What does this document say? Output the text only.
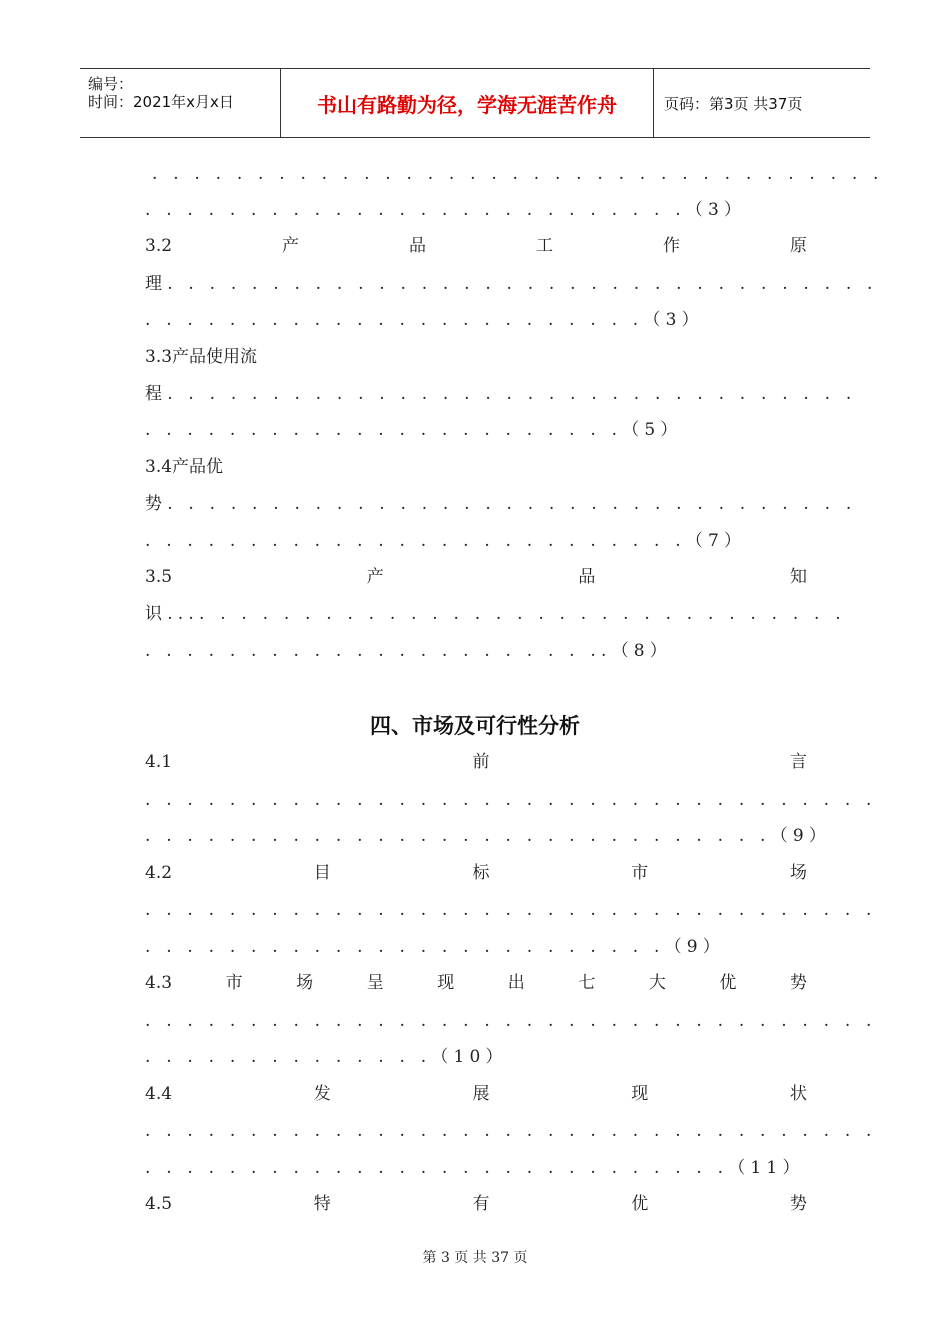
编号：
时间：2021年x月x日	书山有路勤为径，学海无涯苦作舟	页码：第3页 共37页
. . . . . . . . . . . . . . . . . . . . . . . . . . . . . . . . . . .
. . . . . . . . . . . . . . . . . . . . . . . . . .（3）
3.2	产	品	工	作	原
理. . . . . . . . . . . . . . . . . . . . . . . . . . . . . . . . . .
. . . . . . . . . . . . . . . . . . . . . . . .（3）
3.3产品使用流
程. . . . . . . . . . . . . . . . . . . . . . . . . . . . . . . . .
. . . . . . . . . . . . . . . . . . . . . . .（5）
3.4产品优
势. . . . . . . . . . . . . . . . . . . . . . . . . . . . . . . . .
. . . . . . . . . . . . . . . . . . . . . . . . . .（7）
3.5	产	品	知
识.... . . . . . . . . . . . . . . . . . . . . . . . . . . . . . .
. . . . . . . . . . . . . . . . . . . . . ..（8）
四、市场及可行性分析
4.1	前	言
. . . . . . . . . . . . . . . . . . . . . . . . . . . . . . . . . . .
. . . . . . . . . . . . . . . . . . . . . . . . . . . . . .（9）
4.2	目	标	市	场
. . . . . . . . . . . . . . . . . . . . . . . . . . . . . . . . . . .
. . . . . . . . . . . . . . . . . . . . . . . . .（9）
4.3	市	场	呈	现	出	七	大	优	势
. . . . . . . . . . . . . . . . . . . . . . . . . . . . . . . . . . .
. . . . . . . . . . . . . .（10）
4.4	发	展	现	状
. . . . . . . . . . . . . . . . . . . . . . . . . . . . . . . . . . .
. . . . . . . . . . . . . . . . . . . . . . . . . . . .（11）
4.5	特	有	优	势
第 3 页 共 37 页
